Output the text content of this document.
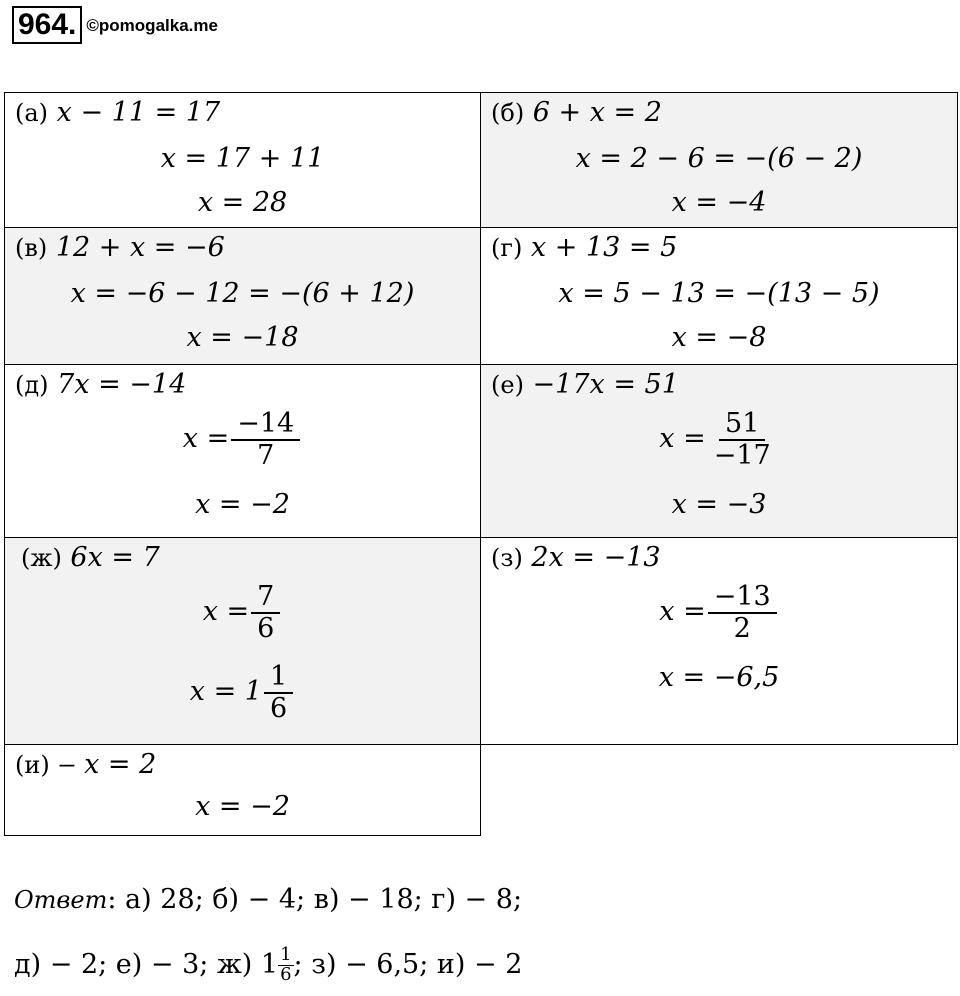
964. ©pomogalka.me
(а) x − 11 = 17
x = 17 + 11
x = 28
(б) 6 + x = 2
x = 2 − 6 = −(6 − 2)
x = −4
(в) 12 + x = −6
x = −6 − 12 = −(6 + 12)
x = −18
(г) x + 13 = 5
x = 5 − 13 = −(13 − 5)
x = −8
(д) 7x = −14
$x = \frac{-14}{7}$
x = −2
(е) −17x = 51
$x = \frac{51}{-17}$
x = −3
(ж) 6x = 7
$x = \frac{7}{6}$
$x = 1 \frac{1}{6}$
(з) 2x = −13
$x = \frac{-13}{2}$
x = −6,5
(и) ‒ x = 2
x = −2
Ответ: а) 28; б) − 4; в) − 18; г) − 8;
д) − 2; е) − 3; ж) $1 \frac{1}{6}$ ; з) − 6,5; и) − 2
